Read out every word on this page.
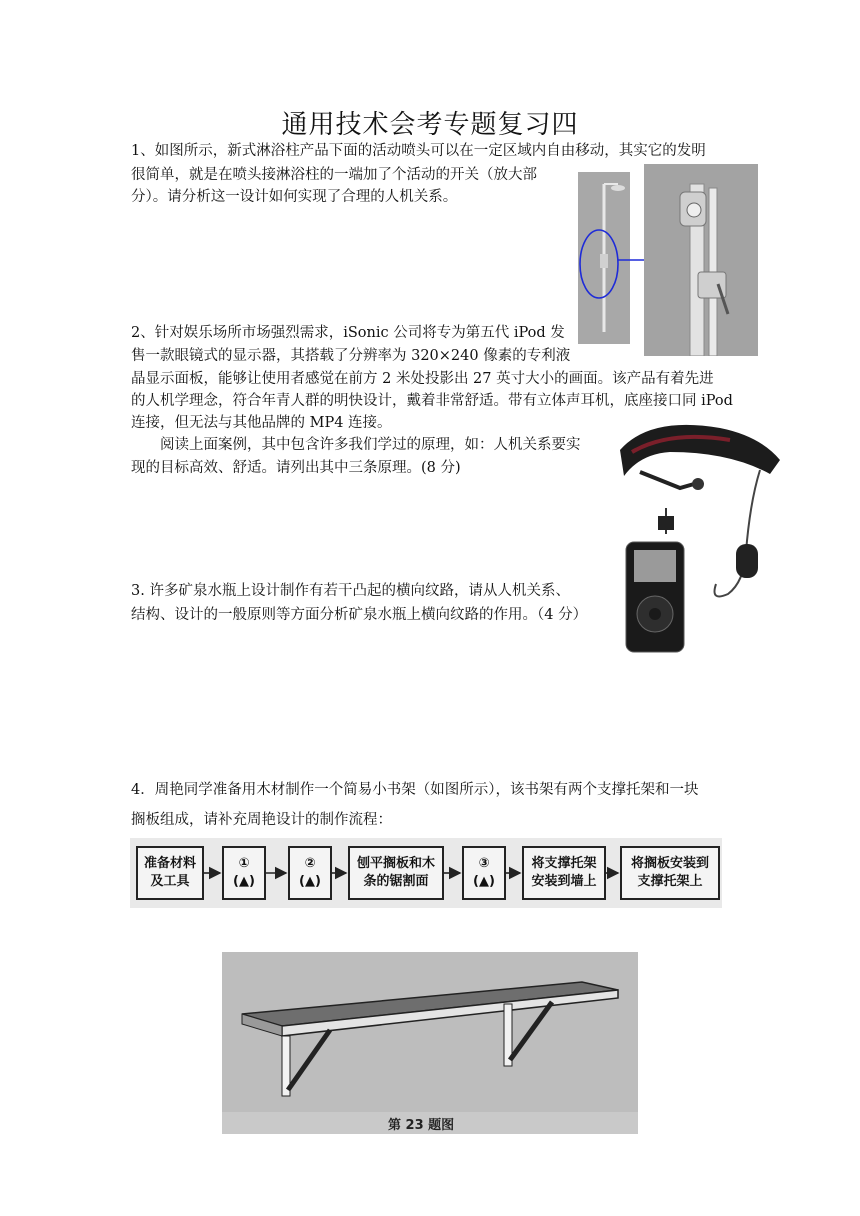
通用技术会考专题复习四
1、如图所示，新式淋浴柱产品下面的活动喷头可以在一定区域内自由移动，其实它的发明
很简单，就是在喷头接淋浴柱的一端加了个活动的开关（放大部
分）。请分析这一设计如何实现了合理的人机关系。
2、针对娱乐场所市场强烈需求，iSonic 公司将专为第五代 iPod 发
售一款眼镜式的显示器，其搭载了分辨率为 320×240 像素的专利液
晶显示面板，能够让使用者感觉在前方 2 米处投影出 27 英寸大小的画面。该产品有着先进
的人机学理念，符合年青人群的明快设计，戴着非常舒适。带有立体声耳机，底座接口同 iPod
连接，但无法与其他品牌的 MP4 连接。
阅读上面案例，其中包含许多我们学过的原理，如：人机关系要实
现的目标高效、舒适。请列出其中三条原理。(8 分)
3. 许多矿泉水瓶上设计制作有若干凸起的横向纹路，请从人机关系、
结构、设计的一般原则等方面分析矿泉水瓶上横向纹路的作用。（4 分）
4．周艳同学准备用木材制作一个简易小书架（如图所示），该书架有两个支撑托架和一块
搁板组成，请补充周艳设计的制作流程：
准备材料
及工具
①
(▲)
②
(▲)
刨平搁板和木
条的锯割面
③
(▲)
将支撑托架
安装到墙上
将搁板安装到
支撑托架上
第 23 题图
